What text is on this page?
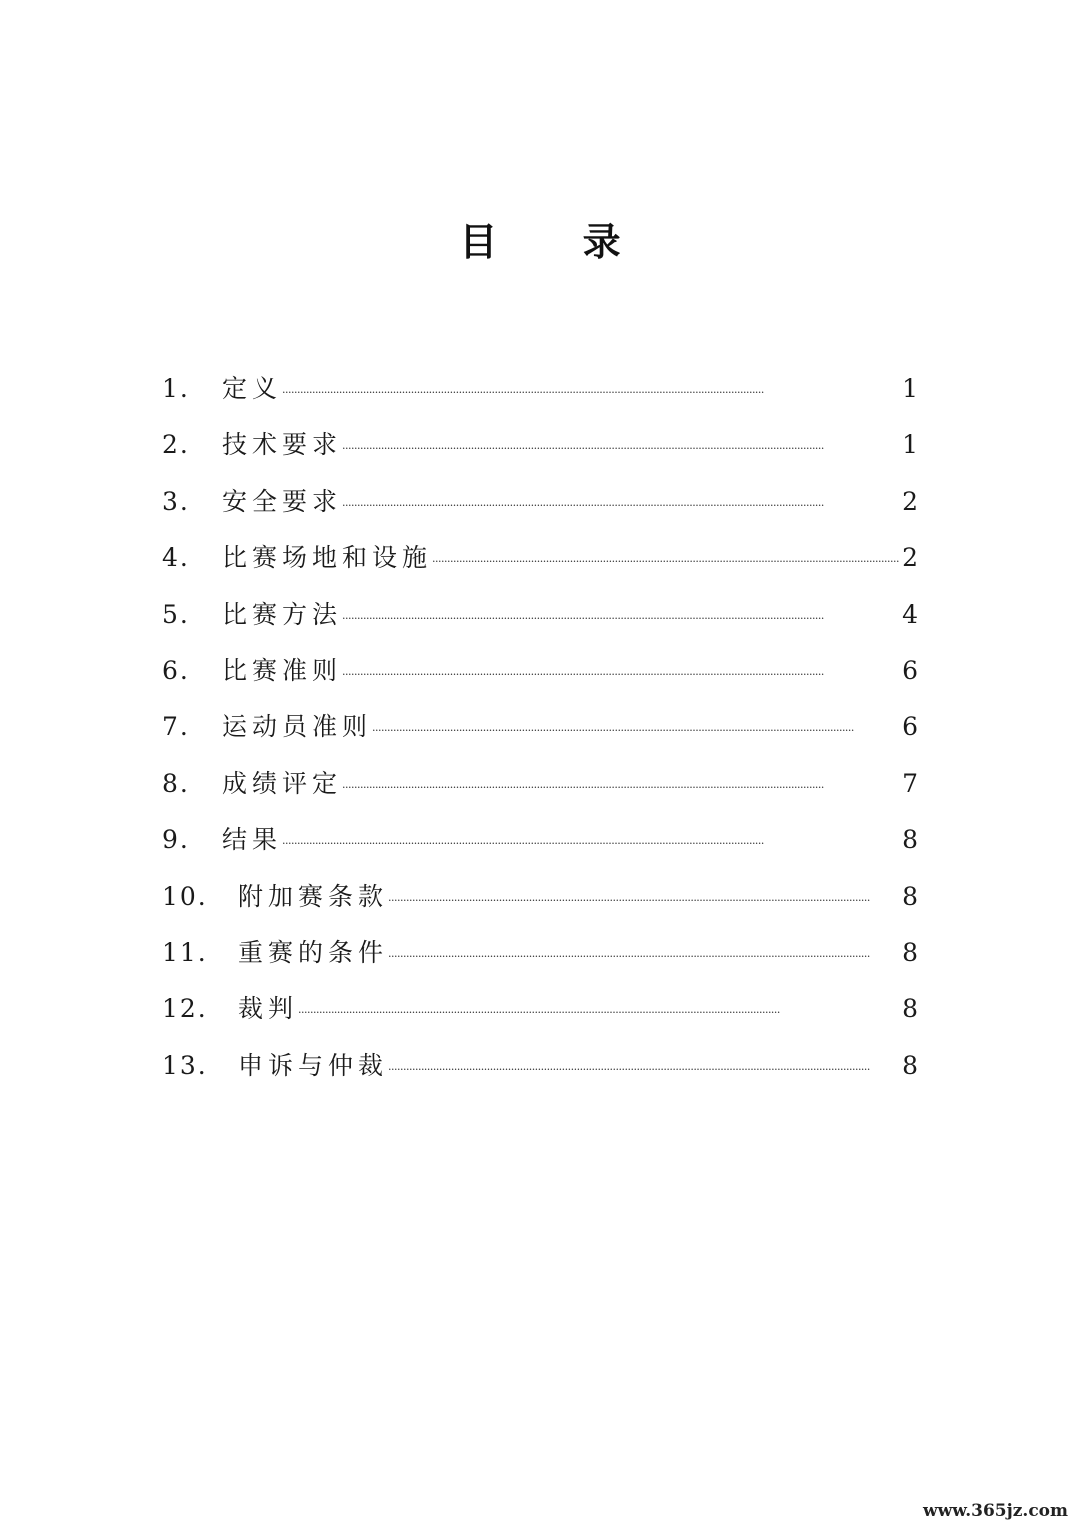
目 录
1.	定义 . . .	1
2.	技术要求 . . .	1
3.	安全要求 . . .	2
4.	比赛场地和设施 . . .	2
5.	比赛方法 . . .	4
6.	比赛准则 . . .	6
7.	运动员准则 . . .	6
8.	成绩评定 . . .	7
9.	结果 . . .	8
10.	附加赛条款 . . .	8
11.	重赛的条件 . . .	8
12.	裁判 . . .	8
13.	申诉与仲裁 . . .	8
www.365jz.com
